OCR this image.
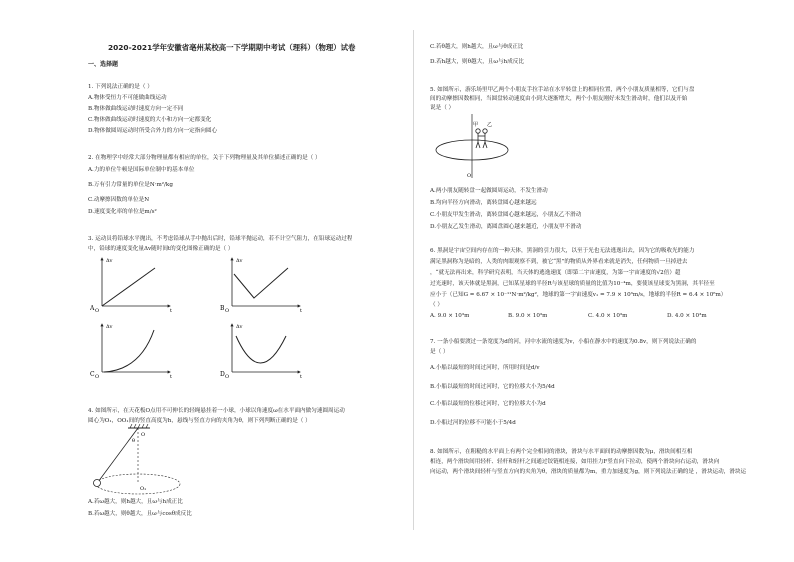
2020-2021学年安徽省亳州某校高一下学期期中考试（理科）（物理）试卷
一、选择题
1. 下列说法正确的是（ ）
A.物体受恒力不可能做曲线运动
B.物体做曲线运动时速度方向一定不同
C.物体做曲线运动时速度的大小和方向一定都变化
D.物体做圆周运动时所受合外力的方向一定指向圆心
2. 在物理学中经常大部分物理量都有相应的单位，关于下列物理量及其单位描述正确的是（ ）
A.力的单位牛顿是国际单位制中的基本单位
B.万有引力常量的单位是N·m²/kg
C.动摩擦因数的单位是N
D.速度变化率的单位是m/s²
3. 运动员将铅球水平抛出，不考虑铅球从手中抛出后时，铅球平抛运动，若不计空气阻力，在铅球运动过程
中，铅球的速度变化量Δv随时间t的变化图像正确的是（ ）
A O
Δv
t	B O
Δv
t
C O
Δv
t	D O
Δv
t
4. 如图所示，在天花板O点用不可伸长的轻绳悬挂着一小球，小球以角速度ω在水平面内做匀速圆周运动
圆心为O₁，OO₁间的竖直高度为h，悬线与竖直方向的夹角为θ，则下列判断正确的是（ ）
O
θ
O₁
A.若ω越大，则h越大，且ω与h成正比
B.若ω越大，则θ越大，且ω与cosθ成反比
C.若θ越大，则h越大，且ω与θ成正比
D.若h越大，则θ越大，且ω与h成反比
5. 如图所示，游乐场里甲乙两个小朋友手拉手站在水平转盘上的相同位置，两个小朋友质量相等，它们与盘
间的动摩擦因数相同，当圆盘转动速度由小到大逐渐增大，两个小朋友刚好未发生滑动时，他们以及开始
说是（ ）
乙
甲
O
A.两小朋友随转盘一起做圆周运动，不发生滑动
B.均向半径方向滑动，离转盘圆心越来越远
C.小朋友甲发生滑动，离转盘圆心越来越远，小朋友乙不滑动
D.小朋友乙发生滑动，离圆盘圆心越来越近，小朋友甲不滑动
6. 黑洞是宇宙空间内存在的一种天体，黑洞的引力很大，以至于光也无法逃逸出去，因为它的吸收光的能力
满足黑洞称为是暗的，人类的肉眼观察不到，被它“黑”的物质从外界看来就是消失，任何物质一旦掉进去
，“就无法再出来，科学研究表明，当天体的逃逸速度（即第二宇宙速度，为第一宇宙速度的√2倍）超
过光速时，该天体就是黑洞，已知某星球的半径R与该星球的质量的比值为10⁻⁴m，要使该星球变为黑洞，其半径至
应小于（已知G = 6.67 × 10⁻¹¹N·m²/kg²，地球的第一宇宙速度v₁ = 7.9 × 10³m/s，地球的半径R = 6.4 × 10⁶m）
（ ）
A. 9.0 × 10³m	B. 9.0 × 10³m	C. 4.0 × 10³m	D. 4.0 × 10³m
7. 一条小船要渡过一条宽度为d的河，河中水流的速度为v，小船在静水中的速度为0.8v，则下列说法正确的
是（ ）
A.小船以最短的时间过河时，所用时间是d/v
B.小船以最短的时间过河时，它的位移大小为5/4d
C.小船以最短的位移过河时，它的位移大小为d
D.小船过河的位移不可能小于5/4d
8. 如图所示，在粗糙的水平面上有两个完全相同的滑块，滑块与水平面间的动摩擦因数为μ，滑块间相互相
相连，两个滑块间用轻杆、轻杆和轻杆之间通过铰链相连接，如用挂力F竖直向下拉动，使两个滑块向右运动，滑块向
向运动，两个滑块间轻杆与竖直方向的夹角为θ，滑块的质量都为m，重力加速度为g，则下列说法正确的是 ，滑块运动，滑块运
